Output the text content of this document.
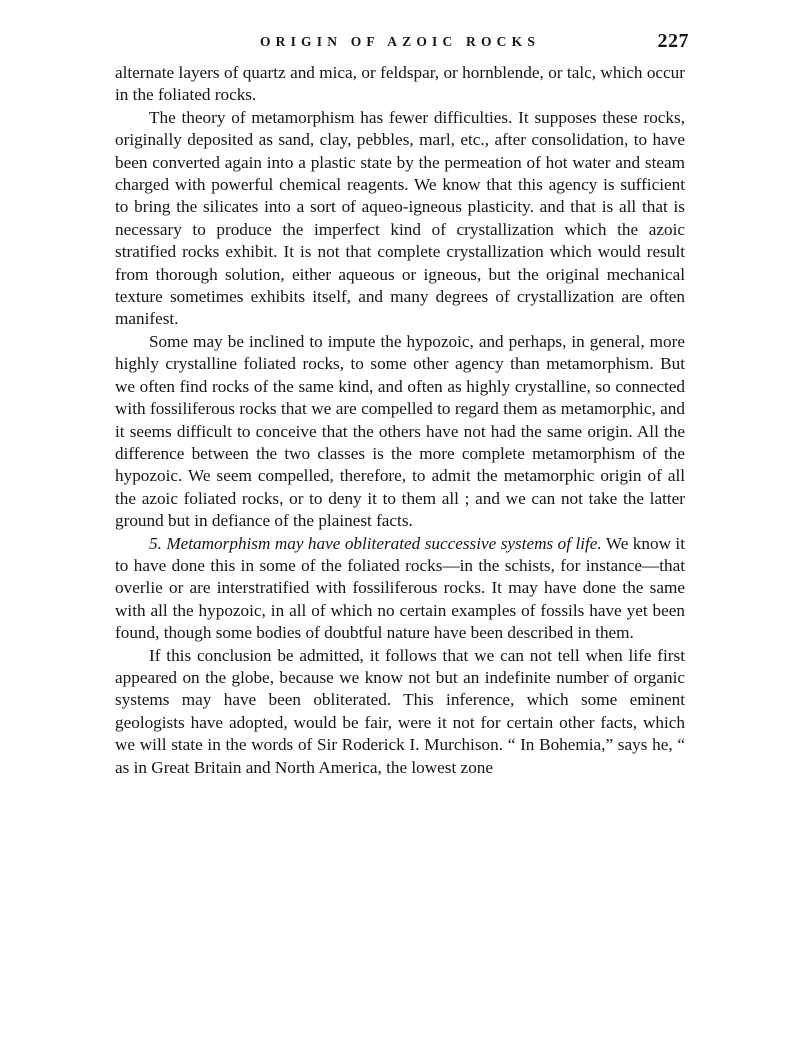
ORIGIN OF AZOIC ROCKS	227

alternate layers of quartz and mica, or feldspar, or hornblende, or talc, which occur in the foliated rocks.

The theory of metamorphism has fewer difficulties. It supposes these rocks, originally deposited as sand, clay, pebbles, marl, etc., after consolidation, to have been converted again into a plastic state by the permeation of hot water and steam charged with powerful chemical reagents. We know that this agency is sufficient to bring the silicates into a sort of aqueo-igneous plasticity. and that is all that is necessary to produce the imperfect kind of crystallization which the azoic stratified rocks exhibit. It is not that complete crystallization which would result from thorough solution, either aqueous or igneous, but the original mechanical texture sometimes exhibits itself, and many degrees of crystallization are often manifest.

Some may be inclined to impute the hypozoic, and perhaps, in general, more highly crystalline foliated rocks, to some other agency than metamorphism. But we often find rocks of the same kind, and often as highly crystalline, so connected with fossiliferous rocks that we are compelled to regard them as metamorphic, and it seems difficult to conceive that the others have not had the same origin. All the difference between the two classes is the more complete metamorphism of the hypozoic. We seem compelled, therefore, to admit the metamorphic origin of all the azoic foliated rocks, or to deny it to them all ; and we can not take the latter ground but in defiance of the plainest facts.

5. Metamorphism may have obliterated successive systems of life. We know it to have done this in some of the foliated rocks—in the schists, for instance—that overlie or are interstratified with fossiliferous rocks. It may have done the same with all the hypozoic, in all of which no certain examples of fossils have yet been found, though some bodies of doubtful nature have been described in them.

If this conclusion be admitted, it follows that we can not tell when life first appeared on the globe, because we know not but an indefinite number of organic systems may have been obliterated. This inference, which some eminent geologists have adopted, would be fair, were it not for certain other facts, which we will state in the words of Sir Roderick I. Murchison. “ In Bohemia,” says he, “ as in Great Britain and North America, the lowest zone
